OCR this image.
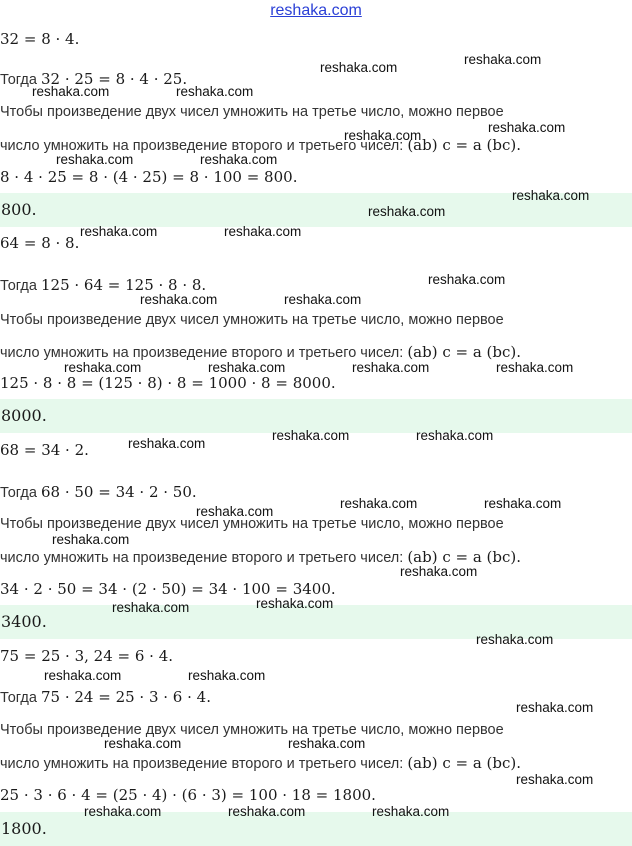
reshaka.com
32 = 8 · 4.
Тогда 32 · 25 = 8 · 4 · 25.
Чтобы произведение двух чисел умножить на третье число, можно первое
число умножить на произведение второго и третьего чисел: (ab) c = a (bc).
8 · 4 · 25 = 8 · (4 · 25) = 8 · 100 = 800.
800.
64 = 8 · 8.
Тогда 125 · 64 = 125 · 8 · 8.
Чтобы произведение двух чисел умножить на третье число, можно первое
число умножить на произведение второго и третьего чисел: (ab) c = a (bc).
125 · 8 · 8 = (125 · 8) · 8 = 1000 · 8 = 8000.
8000.
68 = 34 · 2.
Тогда 68 · 50 = 34 · 2 · 50.
Чтобы произведение двух чисел умножить на третье число, можно первое
число умножить на произведение второго и третьего чисел: (ab) c = a (bc).
34 · 2 · 50 = 34 · (2 · 50) = 34 · 100 = 3400.
3400.
75 = 25 · 3, 24 = 6 · 4.
Тогда 75 · 24 = 25 · 3 · 6 · 4.
Чтобы произведение двух чисел умножить на третье число, можно первое
число умножить на произведение второго и третьего чисел: (ab) c = a (bc).
25 · 3 · 6 · 4 = (25 · 4) · (6 · 3) = 100 · 18 = 1800.
1800.
reshaka.com
reshaka.com
reshaka.com	reshaka.com
reshaka.com
reshaka.com
reshaka.com	reshaka.com
reshaka.com
reshaka.com
reshaka.com	reshaka.com
reshaka.com
reshaka.com	reshaka.com
reshaka.com	reshaka.com	reshaka.com	reshaka.com
reshaka.com
reshaka.com	reshaka.com
reshaka.com	reshaka.com
reshaka.com
reshaka.com
reshaka.com
reshaka.com	reshaka.com
reshaka.com
reshaka.com	reshaka.com
reshaka.com
reshaka.com	reshaka.com
reshaka.com
reshaka.com	reshaka.com	reshaka.com
